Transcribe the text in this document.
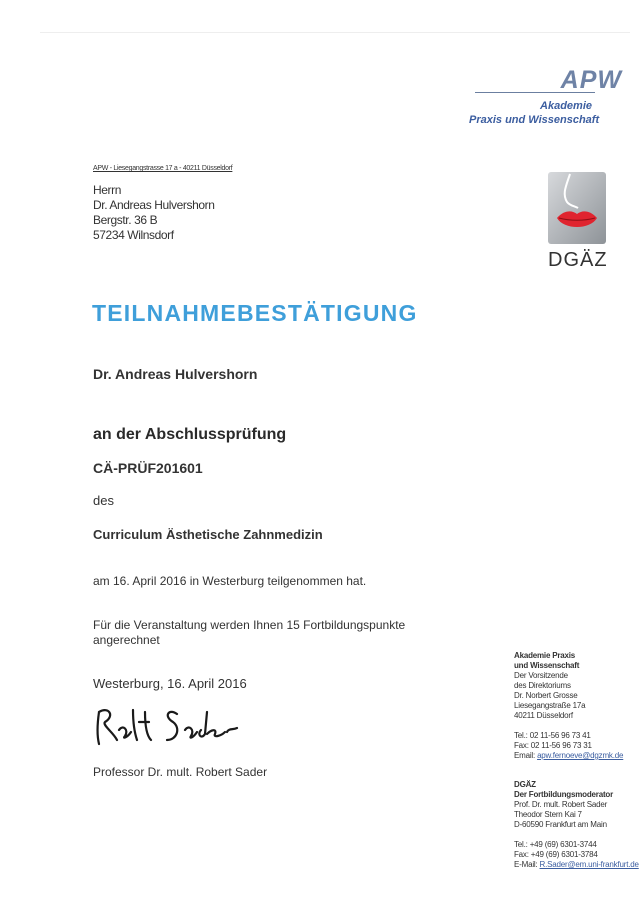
APW
Akademie
Praxis und Wissenschaft
DGÄZ
APW - Liesegangstrasse 17 a - 40211 Düsseldorf
Herrn
Dr. Andreas Hulvershorn
Bergstr. 36 B
57234 Wilnsdorf
TEILNAHMEBESTÄTIGUNG
Dr. Andreas Hulvershorn
an der Abschlussprüfung
CÄ-PRÜF201601
des
Curriculum Ästhetische Zahnmedizin
am 16. April 2016 in Westerburg teilgenommen hat.
Für die Veranstaltung werden Ihnen 15 Fortbildungspunkte angerechnet
Westerburg, 16. April 2016
Professor Dr. mult. Robert Sader
Akademie Praxis
und Wissenschaft
Der Vorsitzende
des Direktoriums
Dr. Norbert Grosse
Liesegangstraße 17a
40211 Düsseldorf
Tel.: 02 11-56 96 73 41
Fax: 02 11-56 96 73 31
Email: apw.fernoeve@dgzmk.de
DGÄZ
Der Fortbildungsmoderator
Prof. Dr. mult. Robert Sader
Theodor Stern Kai 7
D-60590 Frankfurt am Main
Tel.: +49 (69) 6301-3744
Fax: +49 (69) 6301-3784
E-Mail: R.Sader@em.uni-frankfurt.de
